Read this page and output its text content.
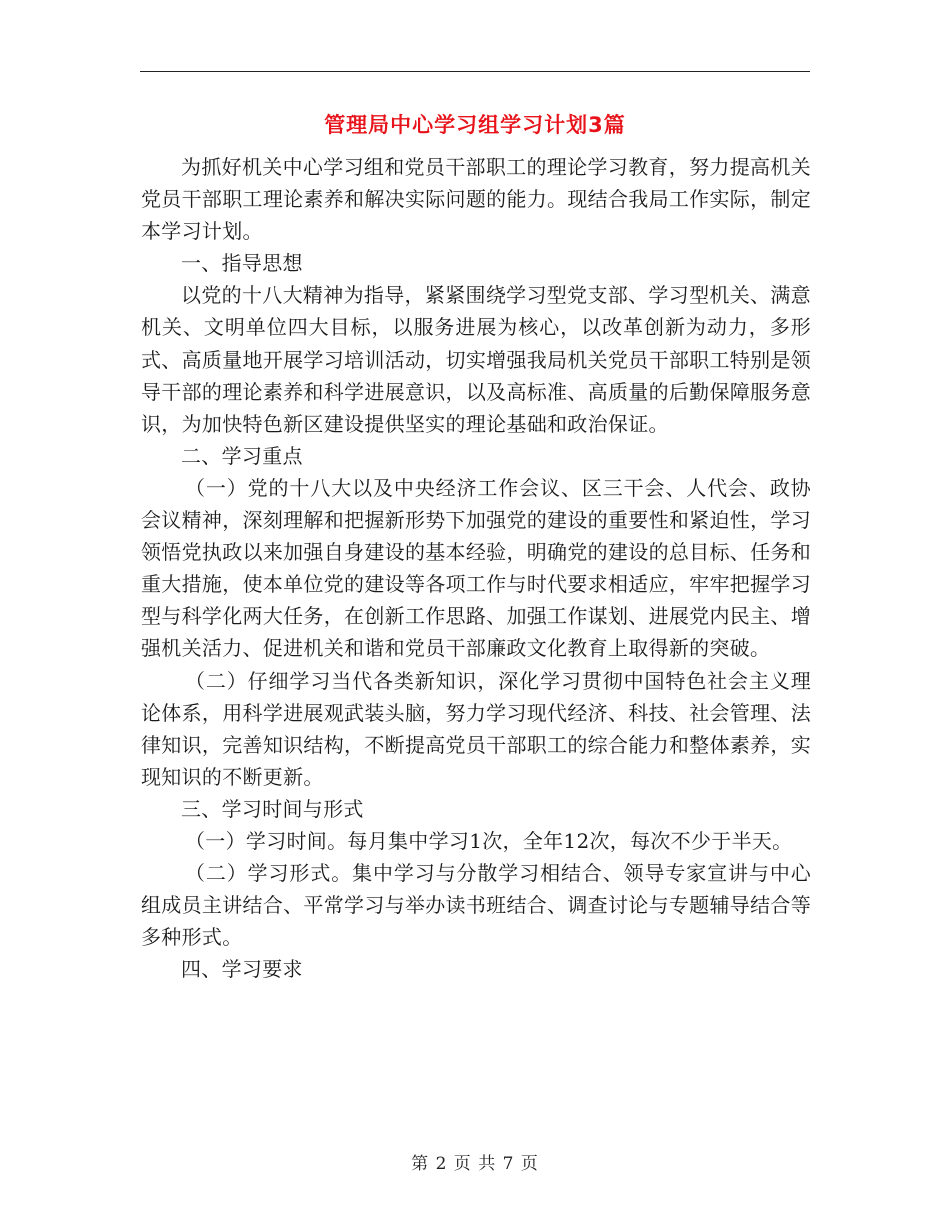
管理局中心学习组学习计划3篇

为抓好机关中心学习组和党员干部职工的理论学习教育，努力提高机关党员干部职工理论素养和解决实际问题的能力。现结合我局工作实际，制定本学习计划。

一、指导思想

以党的十八大精神为指导，紧紧围绕学习型党支部、学习型机关、满意机关、文明单位四大目标，以服务进展为核心，以改革创新为动力，多形式、高质量地开展学习培训活动，切实增强我局机关党员干部职工特别是领导干部的理论素养和科学进展意识，以及高标准、高质量的后勤保障服务意识，为加快特色新区建设提供坚实的理论基础和政治保证。

二、学习重点

（一）党的十八大以及中央经济工作会议、区三干会、人代会、政协会议精神，深刻理解和把握新形势下加强党的建设的重要性和紧迫性，学习领悟党执政以来加强自身建设的基本经验，明确党的建设的总目标、任务和重大措施，使本单位党的建设等各项工作与时代要求相适应，牢牢把握学习型与科学化两大任务，在创新工作思路、加强工作谋划、进展党内民主、增强机关活力、促进机关和谐和党员干部廉政文化教育上取得新的突破。

（二）仔细学习当代各类新知识，深化学习贯彻中国特色社会主义理论体系，用科学进展观武装头脑，努力学习现代经济、科技、社会管理、法律知识，完善知识结构，不断提高党员干部职工的综合能力和整体素养，实现知识的不断更新。

三、学习时间与形式

（一）学习时间。每月集中学习1次，全年12次，每次不少于半天。

（二）学习形式。集中学习与分散学习相结合、领导专家宣讲与中心组成员主讲结合、平常学习与举办读书班结合、调查讨论与专题辅导结合等多种形式。

四、学习要求

第 2 页 共 7 页
